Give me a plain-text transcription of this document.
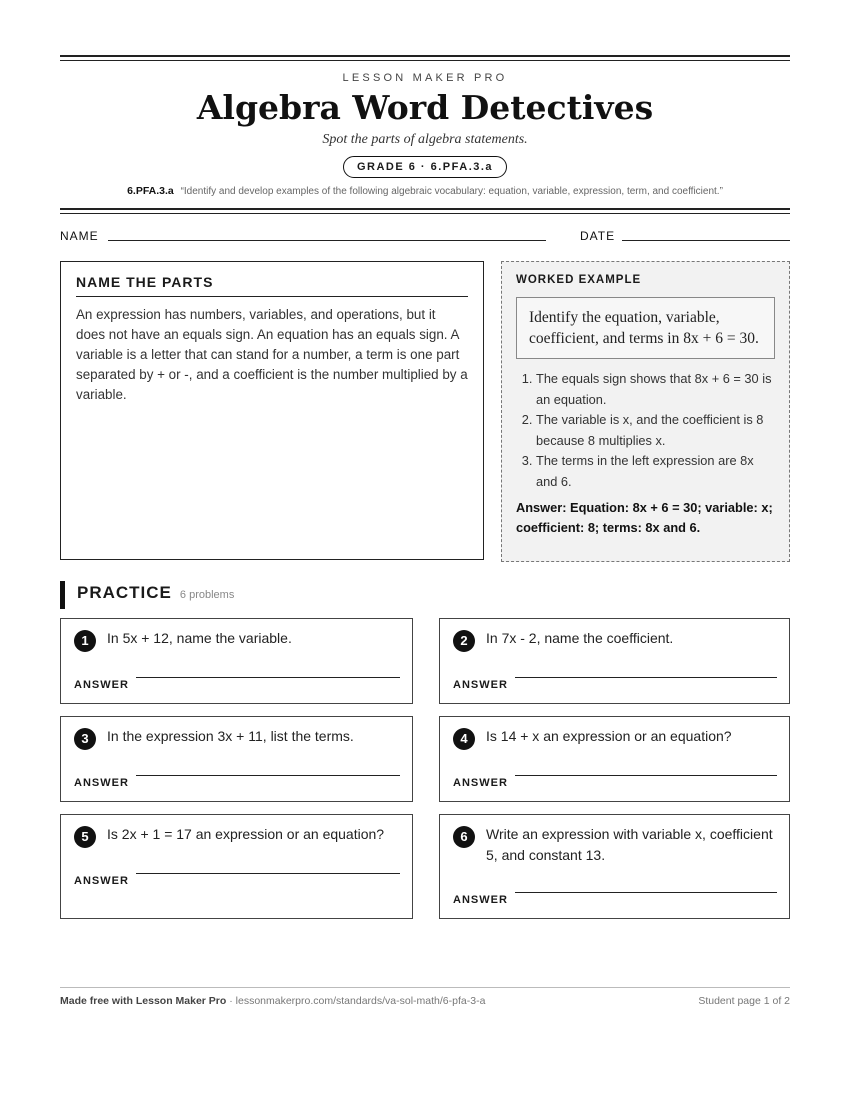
LESSON MAKER PRO
Algebra Word Detectives
Spot the parts of algebra statements.
GRADE 6 · 6.PFA.3.a
6.PFA.3.a “Identify and develop examples of the following algebraic vocabulary: equation, variable, expression, term, and coefficient.”
NAME	DATE
NAME THE PARTS

An expression has numbers, variables, and operations, but it does not have an equals sign. An equation has an equals sign. A variable is a letter that can stand for a number, a term is one part separated by + or -, and a coefficient is the number multiplied by a variable.

WORKED EXAMPLE
Identify the equation, variable, coefficient, and terms in 8x + 6 = 30.
1. The equals sign shows that 8x + 6 = 30 is an equation.
2. The variable is x, and the coefficient is 8 because 8 multiplies x.
3. The terms in the left expression are 8x and 6.
Answer: Equation: 8x + 6 = 30; variable: x; coefficient: 8; terms: 8x and 6.
PRACTICE 6 problems
1	In 5x + 12, name the variable.
ANSWER
2	In 7x - 2, name the coefficient.
ANSWER
3	In the expression 3x + 11, list the terms.
ANSWER
4	Is 14 + x an expression or an equation?
ANSWER
5	Is 2x + 1 = 17 an expression or an equation?
ANSWER
6	Write an expression with variable x, coefficient 5, and constant 13.
ANSWER
Made free with Lesson Maker Pro · lessonmakerpro.com/standards/va-sol-math/6-pfa-3-a	Student page 1 of 2
